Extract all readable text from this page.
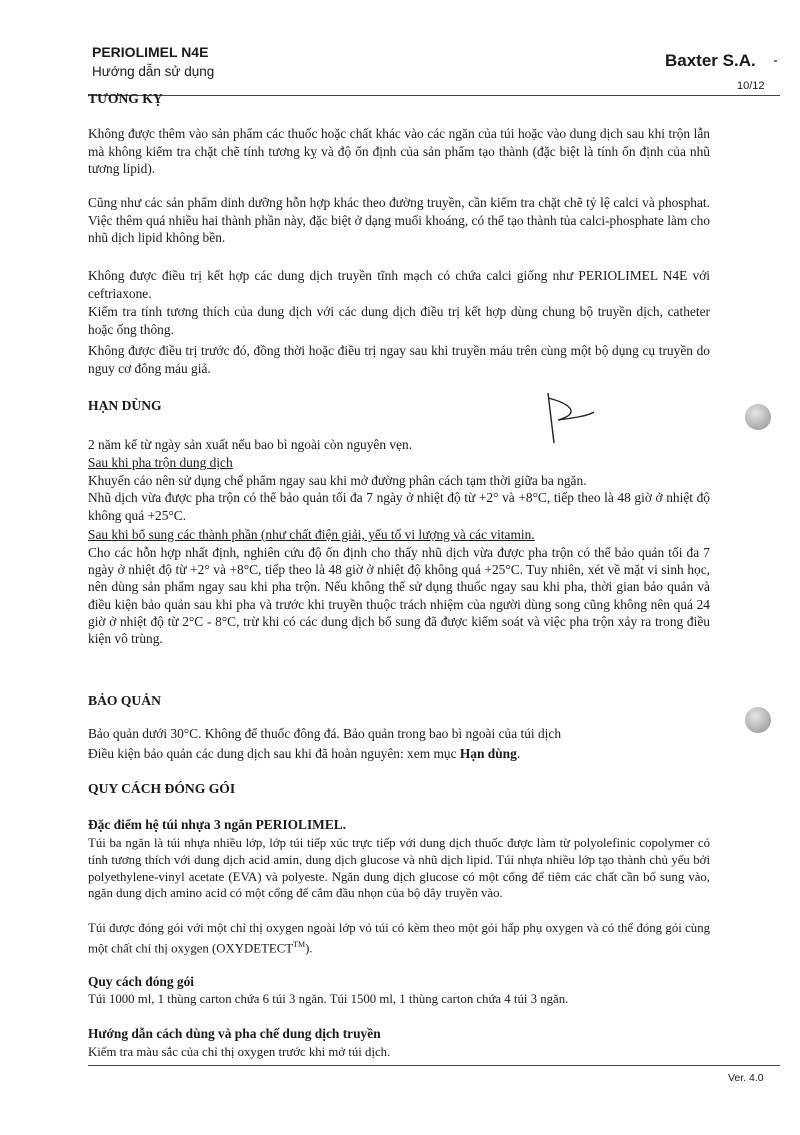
PERIOLIMEL N4E
Hướng dẫn sử dụng
Baxter S.A.
10/12
TƯƠNG KỴ

Không được thêm vào sản phẩm các thuốc hoặc chất khác vào các ngăn của túi hoặc vào dung dịch sau khi trộn lẫn mà không kiểm tra chặt chẽ tính tương kỵ và độ ổn định của sản phẩm tạo thành (đặc biệt là tính ổn định của nhũ tương lipid).

Cũng như các sản phẩm dinh dưỡng hỗn hợp khác theo đường truyền, cần kiểm tra chặt chẽ tỷ lệ calci và phosphat. Việc thêm quá nhiều hai thành phần này, đặc biệt ở dạng muối khoáng, có thể tạo thành tủa calci-phosphate làm cho nhũ dịch lipid không bền.

Không được điều trị kết hợp các dung dịch truyền tĩnh mạch có chứa calci giống như PERIOLIMEL N4E với ceftriaxone.

Kiểm tra tính tương thích của dung dịch với các dung dịch điều trị kết hợp dùng chung bộ truyền dịch, catheter hoặc ống thông.

Không được điều trị trước đó, đồng thời hoặc điều trị ngay sau khi truyền máu trên cùng một bộ dụng cụ truyền do nguy cơ đông máu giả.

HẠN DÙNG

2 năm kể từ ngày sản xuất nếu bao bì ngoài còn nguyên vẹn.

Sau khi pha trộn dung dịch

Khuyến cáo nên sử dụng chế phẩm ngay sau khi mở đường phân cách tạm thời giữa ba ngăn.

Nhũ dịch vừa được pha trộn có thể bảo quản tối đa 7 ngày ở nhiệt độ từ +2° và +8°C, tiếp theo là 48 giờ ở nhiệt độ không quá +25°C.

Sau khi bổ sung các thành phần (như chất điện giải, yếu tố vi lượng và các vitamin.

Cho các hỗn hợp nhất định, nghiên cứu độ ổn định cho thấy nhũ dịch vừa được pha trộn có thể bảo quản tối đa 7 ngày ở nhiệt độ từ +2° và +8°C, tiếp theo là 48 giờ ở nhiệt độ không quá +25°C. Tuy nhiên, xét về mặt vi sinh học, nên dùng sản phẩm ngay sau khi pha trộn. Nếu không thể sử dụng thuốc ngay sau khi pha, thời gian bảo quản và điều kiện bảo quản sau khi pha và trước khi truyền thuộc trách nhiệm của người dùng song cũng không nên quá 24 giờ ở nhiệt độ từ 2°C - 8°C, trừ khi có các dung dịch bổ sung đã được kiểm soát và việc pha trộn xảy ra trong điều kiện vô trùng.

BẢO QUẢN

Bảo quản dưới 30°C. Không để thuốc đông đá. Bảo quản trong bao bì ngoài của túi dịch

Điều kiện bảo quản các dung dịch sau khi đã hoàn nguyên: xem mục Hạn dùng.

QUY CÁCH ĐÓNG GÓI
Đặc điểm hệ túi nhựa 3 ngăn PERIOLIMEL.

Túi ba ngăn là túi nhựa nhiều lớp, lớp túi tiếp xúc trực tiếp với dung dịch thuốc được làm từ polyolefinic copolymer có tính tương thích với dung dịch acid amin, dung dịch glucose và nhũ dịch lipid. Túi nhựa nhiều lớp tạo thành chủ yếu bởi polyethylene-vinyl acetate (EVA) và polyeste. Ngăn dung dịch glucose có một cổng để tiêm các chất cần bổ sung vào, ngăn dung dịch amino acid có một cổng để cắm đầu nhọn của bộ dây truyền vào.

Túi được đóng gói với một chỉ thị oxygen ngoài lớp vỏ túi có kèm theo một gói hấp phụ oxygen và có thể đóng gói cùng một chất chỉ thị oxygen (OXYDETECT™).

Quy cách đóng gói

Túi 1000 ml, 1 thùng carton chứa 6 túi 3 ngăn. Túi 1500 ml, 1 thùng carton chứa 4 túi 3 ngăn.

Hướng dẫn cách dùng và pha chế dung dịch truyền

Kiểm tra màu sắc của chỉ thị oxygen trước khi mở túi dịch.

Ver. 4.0
